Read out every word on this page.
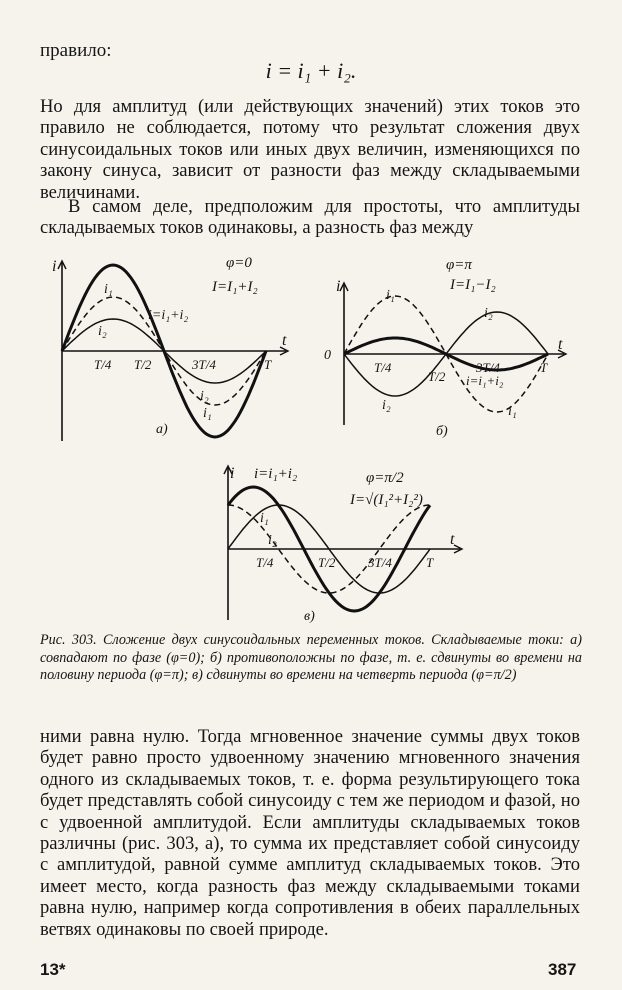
правило:
i = i₁ + i₂.

Но для амплитуд (или действующих значений) этих токов это правило не соблюдается, потому что результат сложения двух синусоидальных токов или иных двух величин, изменяющихся по закону синуса, зависит от разности фаз между складываемыми величинами.

В самом деле, предположим для простоты, что амплитуды складываемых токов одинаковы, а разность фаз между

i
t
φ=0
I=I₁+I₂
i₁
i₂
i=i₁+i₂
i₂
i₁
T/4 T/2	3T/4	T
а)
i
t
0
φ=π
I=I₁−I₂
i₁
i₂
i₂
i=i₁+i₂
i₁
T/4
T/2
3T/4	T
б)
i
t
i=i₁+i₂
i₁
i₂
φ=π/2
I=√(I₁²+I₂²)
T/4	T/2	3T/4	T
в)

Рис. 303. Сложение двух синусоидальных переменных токов. Складываемые токи: а) совпадают по фазе (φ=0); б) противоположны по фазе, т. е. сдвинуты во времени на половину периода (φ=π); в) сдвинуты во времени на четверть периода (φ=π/2)

ними равна нулю. Тогда мгновенное значение суммы двух токов будет равно просто удвоенному значению мгновенного значения одного из складываемых токов, т. е. форма результирующего тока будет представлять собой синусоиду с тем же периодом и фазой, но с удвоенной амплитудой. Если амплитуды складываемых токов различны (рис. 303, а), то сумма их представляет собой синусоиду с амплитудой, равной сумме амплитуд складываемых токов. Это имеет место, когда разность фаз между складываемыми токами равна нулю, например когда сопротивления в обеих параллельных ветвях одинаковы по своей природе.

13*	387
